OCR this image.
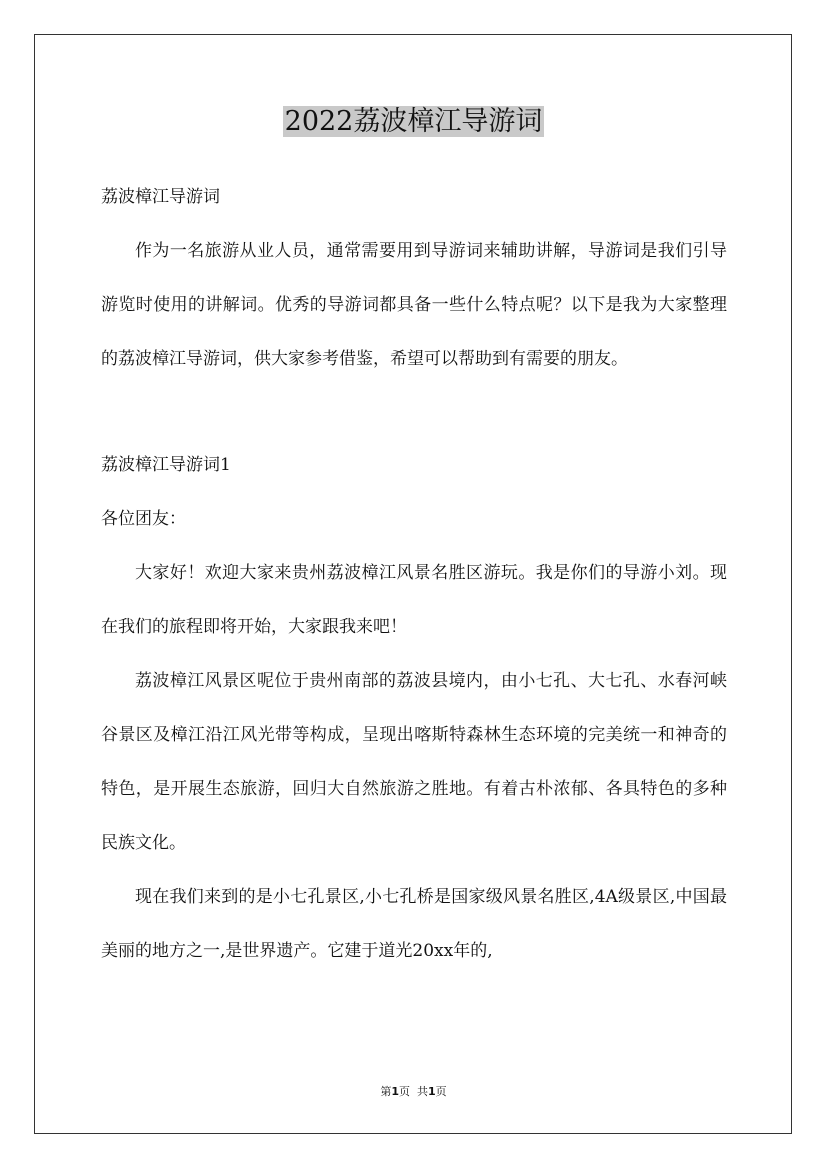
2022荔波樟江导游词

荔波樟江导游词

作为一名旅游从业人员，通常需要用到导游词来辅助讲解，导游词是我们引导游览时使用的讲解词。优秀的导游词都具备一些什么特点呢？以下是我为大家整理的荔波樟江导游词，供大家参考借鉴，希望可以帮助到有需要的朋友。

荔波樟江导游词1

各位团友：

大家好！欢迎大家来贵州荔波樟江风景名胜区游玩。我是你们的导游小刘。现在我们的旅程即将开始，大家跟我来吧！

荔波樟江风景区呢位于贵州南部的荔波县境内，由小七孔、大七孔、水春河峡谷景区及樟江沿江风光带等构成，呈现出喀斯特森林生态环境的完美统一和神奇的特色，是开展生态旅游，回归大自然旅游之胜地。有着古朴浓郁、各具特色的多种民族文化。

现在我们来到的是小七孔景区,小七孔桥是国家级风景名胜区,4A级景区,中国最美丽的地方之一,是世界遗产。它建于道光20xx年的,

第1页 共1页
